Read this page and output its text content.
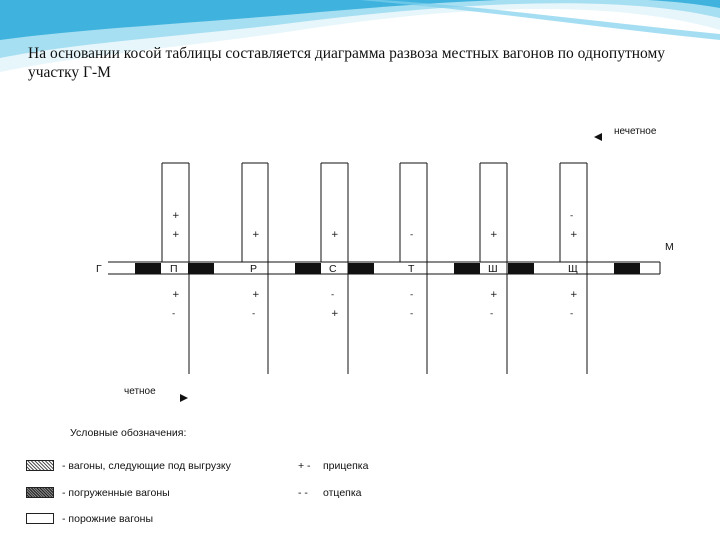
На основании косой таблицы составляется диаграмма развоза местных вагонов по однопутному участку Г-М
Г
М
П
+
+
+
-
Р
+
+
-
С
+
-
+
Т
-
-
-
Ш
+
+
-
Щ
-
+
+
-
нечетное
четное
Условные обозначения:
- вагоны, следующие под выгрузку
- погруженные вагоны
- порожние вагоны
+ - прицепка
- - отцепка
